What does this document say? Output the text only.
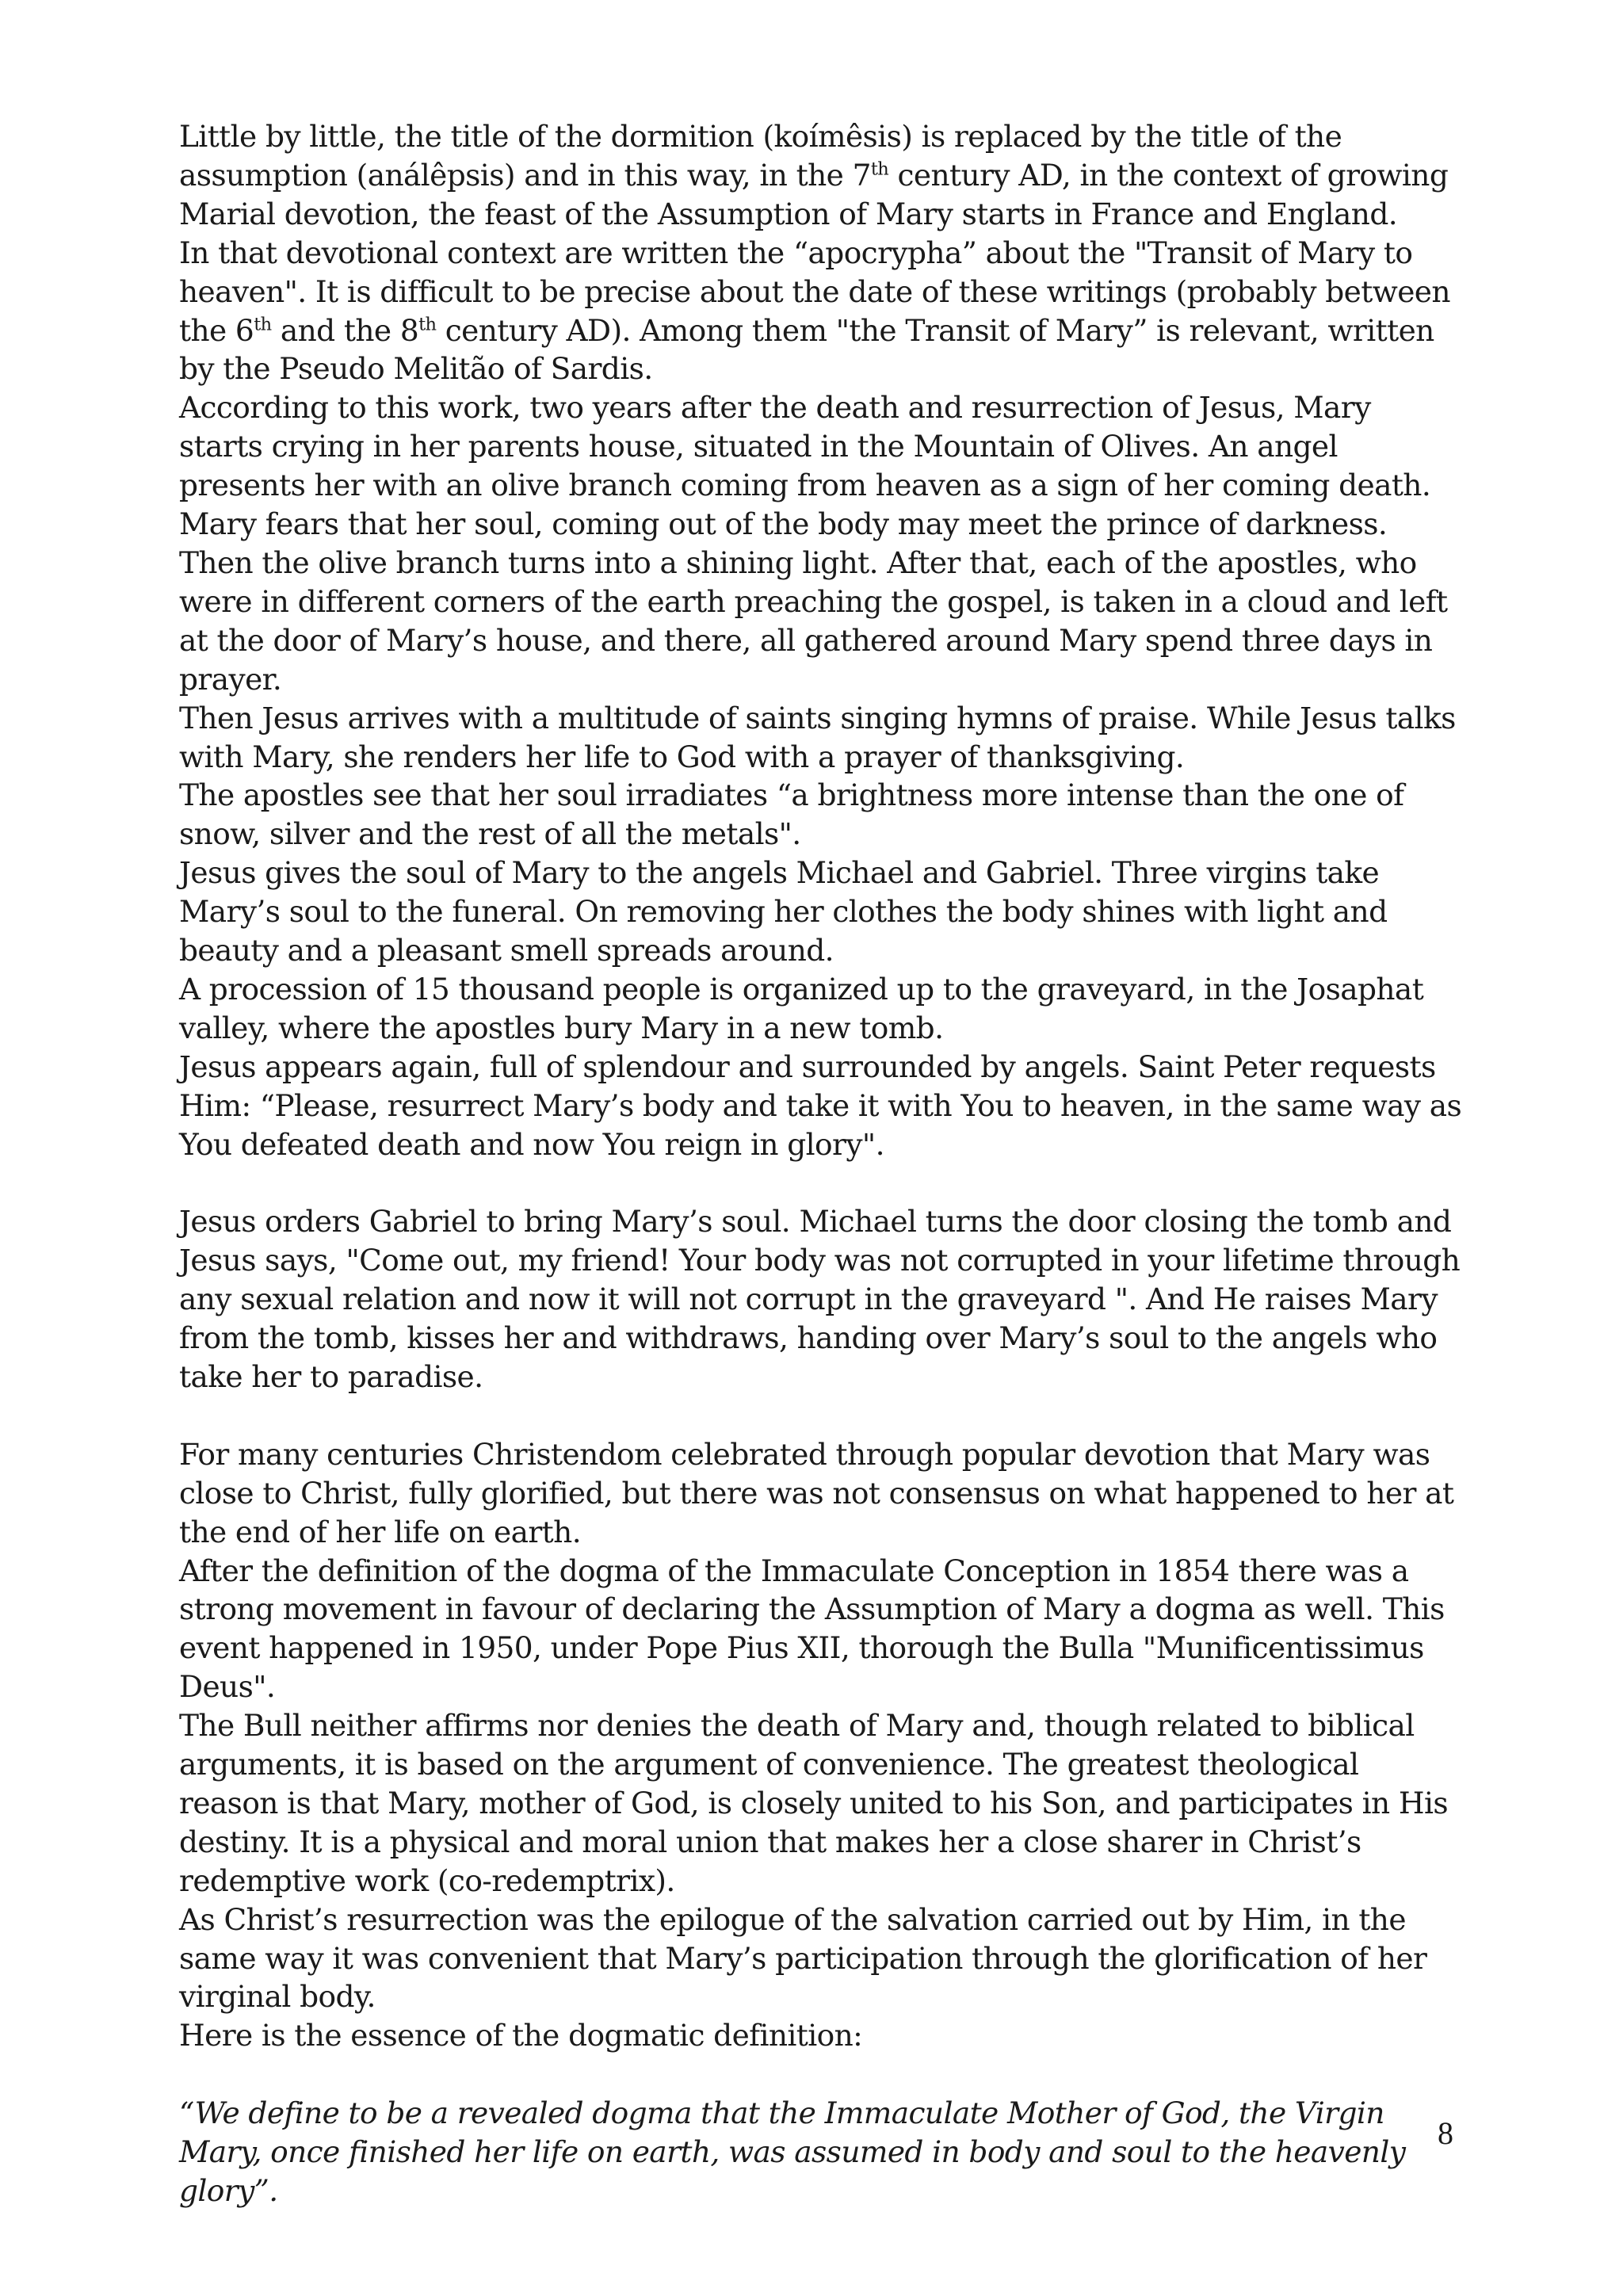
Little by little, the title of the dormition (koímêsis) is replaced by the title of the assumption (análêpsis) and in this way, in the 7th century AD, in the context of growing Marial devotion, the feast of the Assumption of Mary starts in France and England.

In that devotional context are written the “apocrypha” about the "Transit of Mary to heaven". It is difficult to be precise about the date of these writings (probably between the 6th and the 8th century AD). Among them "the Transit of Mary” is relevant, written by the Pseudo Melitão of Sardis.

According to this work, two years after the death and resurrection of Jesus, Mary starts crying in her parents house, situated in the Mountain of Olives. An angel presents her with an olive branch coming from heaven as a sign of her coming death. Mary fears that her soul, coming out of the body may meet the prince of darkness. Then the olive branch turns into a shining light. After that, each of the apostles, who were in different corners of the earth preaching the gospel, is taken in a cloud and left at the door of Mary’s house, and there, all gathered around Mary spend three days in prayer.

Then Jesus arrives with a multitude of saints singing hymns of praise. While Jesus talks with Mary, she renders her life to God with a prayer of thanksgiving.

The apostles see that her soul irradiates “a brightness more intense than the one of snow, silver and the rest of all the metals".

Jesus gives the soul of Mary to the angels Michael and Gabriel. Three virgins take Mary’s soul to the funeral. On removing her clothes the body shines with light and beauty and a pleasant smell spreads around.

A procession of 15 thousand people is organized up to the graveyard, in the Josaphat valley, where the apostles bury Mary in a new tomb.

Jesus appears again, full of splendour and surrounded by angels. Saint Peter requests Him: “Please, resurrect Mary’s body and take it with You to heaven, in the same way as You defeated death and now You reign in glory".

Jesus orders Gabriel to bring Mary’s soul. Michael turns the door closing the tomb and Jesus says, "Come out, my friend! Your body was not corrupted in your lifetime through any sexual relation and now it will not corrupt in the graveyard ". And He raises Mary from the tomb, kisses her and withdraws, handing over Mary’s soul to the angels who take her to paradise.

For many centuries Christendom celebrated through popular devotion that Mary was close to Christ, fully glorified, but there was not consensus on what happened to her at the end of her life on earth.

After the definition of the dogma of the Immaculate Conception in 1854 there was a strong movement in favour of declaring the Assumption of Mary a dogma as well. This event happened in 1950, under Pope Pius XII, thorough the Bulla "Munificentissimus Deus".

The Bull neither affirms nor denies the death of Mary and, though related to biblical arguments, it is based on the argument of convenience. The greatest theological reason is that Mary, mother of God, is closely united to his Son, and participates in His destiny. It is a physical and moral union that makes her a close sharer in Christ’s redemptive work (co-redemptrix).

As Christ’s resurrection was the epilogue of the salvation carried out by Him, in the same way it was convenient that Mary’s participation through the glorification of her virginal body.

Here is the essence of the dogmatic definition:

“We define to be a revealed dogma that the Immaculate Mother of God, the Virgin Mary, once finished her life on earth, was assumed in body and soul to the heavenly glory”.

8
